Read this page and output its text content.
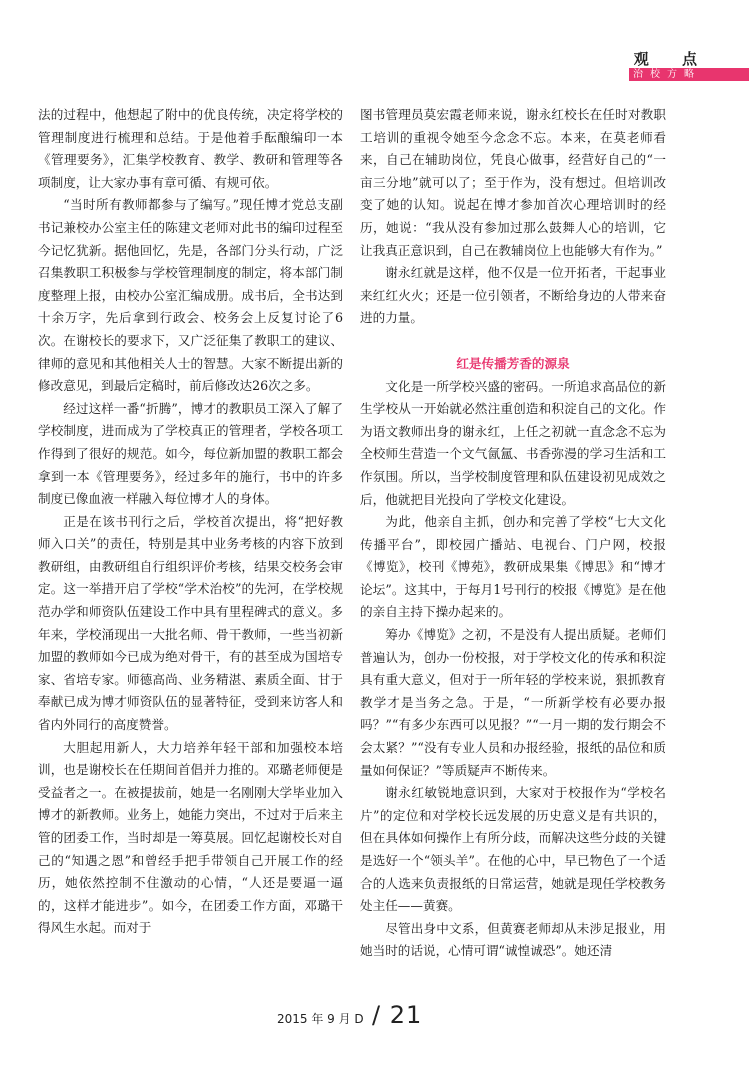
观 点
治校方略

法的过程中，他想起了附中的优良传统，决定将学校的管理制度进行梳理和总结。于是他着手酝酿编印一本《管理要务》，汇集学校教育、教学、教研和管理等各项制度，让大家办事有章可循、有规可依。

“当时所有教师都参与了编写。”现任博才党总支副书记兼校办公室主任的陈建文老师对此书的编印过程至今记忆犹新。据他回忆，先是，各部门分头行动，广泛召集教职工积极参与学校管理制度的制定，将本部门制度整理上报，由校办公室汇编成册。成书后，全书达到十余万字，先后拿到行政会、校务会上反复讨论了6次。在谢校长的要求下，又广泛征集了教职工的建议、律师的意见和其他相关人士的智慧。大家不断提出新的修改意见，到最后定稿时，前后修改达26次之多。

经过这样一番“折腾”，博才的教职员工深入了解了学校制度，进而成为了学校真正的管理者，学校各项工作得到了很好的规范。如今，每位新加盟的教职工都会拿到一本《管理要务》，经过多年的施行，书中的许多制度已像血液一样融入每位博才人的身体。

正是在该书刊行之后，学校首次提出，将“把好教师入口关”的责任，特别是其中业务考核的内容下放到教研组，由教研组自行组织评价考核，结果交校务会审定。这一举措开启了学校“学术治校”的先河，在学校规范办学和师资队伍建设工作中具有里程碑式的意义。多年来，学校涌现出一大批名师、骨干教师，一些当初新加盟的教师如今已成为绝对骨干，有的甚至成为国培专家、省培专家。师德高尚、业务精湛、素质全面、甘于奉献已成为博才师资队伍的显著特征，受到来访客人和省内外同行的高度赞誉。

大胆起用新人，大力培养年轻干部和加强校本培训，也是谢校长在任期间首倡并力推的。邓璐老师便是受益者之一。在被提拔前，她是一名刚刚大学毕业加入博才的新教师。业务上，她能力突出，不过对于后来主管的团委工作，当时却是一筹莫展。回忆起谢校长对自己的“知遇之恩”和曾经手把手带领自己开展工作的经历，她依然控制不住激动的心情，“人还是要逼一逼的，这样才能进步”。如今，在团委工作方面，邓璐干得风生水起。而对于

图书管理员莫宏霞老师来说，谢永红校长在任时对教职工培训的重视令她至今念念不忘。本来，在莫老师看来，自己在辅助岗位，凭良心做事，经营好自己的“一亩三分地”就可以了；至于作为，没有想过。但培训改变了她的认知。说起在博才参加首次心理培训时的经历，她说：“我从没有参加过那么鼓舞人心的培训，它让我真正意识到，自己在教辅岗位上也能够大有作为。”

谢永红就是这样，他不仅是一位开拓者，干起事业来红红火火；还是一位引领者，不断给身边的人带来奋进的力量。

红是传播芳香的源泉

文化是一所学校兴盛的密码。一所追求高品位的新生学校从一开始就必然注重创造和积淀自己的文化。作为语文教师出身的谢永红，上任之初就一直念念不忘为全校师生营造一个文气氤氲、书香弥漫的学习生活和工作氛围。所以，当学校制度管理和队伍建设初见成效之后，他就把目光投向了学校文化建设。

为此，他亲自主抓，创办和完善了学校“七大文化传播平台”，即校园广播站、电视台、门户网，校报《博览》，校刊《博苑》，教研成果集《博思》和“博才论坛”。这其中，于每月1号刊行的校报《博览》是在他的亲自主持下操办起来的。

筹办《博览》之初，不是没有人提出质疑。老师们普遍认为，创办一份校报，对于学校文化的传承和积淀具有重大意义，但对于一所年轻的学校来说，狠抓教育教学才是当务之急。于是，“一所新学校有必要办报吗？”“有多少东西可以见报？”“一月一期的发行期会不会太紧？”“没有专业人员和办报经验，报纸的品位和质量如何保证？”等质疑声不断传来。

谢永红敏锐地意识到，大家对于校报作为“学校名片”的定位和对学校长远发展的历史意义是有共识的，但在具体如何操作上有所分歧，而解决这些分歧的关键是选好一个“领头羊”。在他的心中，早已物色了一个适合的人选来负责报纸的日常运营，她就是现任学校教务处主任——黄赛。

尽管出身中文系，但黄赛老师却从未涉足报业，用她当时的话说，心情可谓“诚惶诚恐”。她还清

2015 年 9 月 D / 21
